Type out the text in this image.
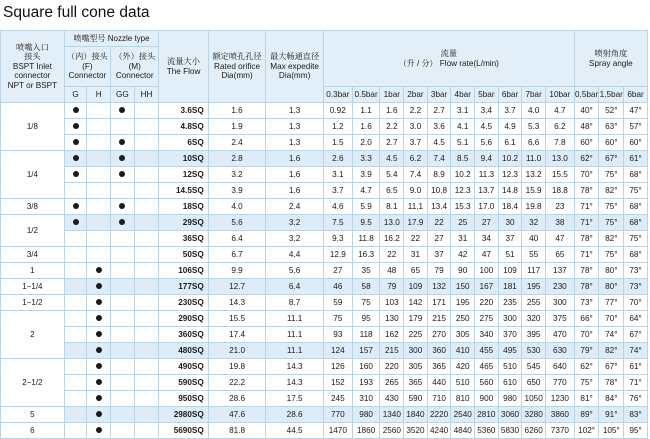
Square full cone data
喷嘴入口
接头
BSPT Inlet
connector
NPT or BSPT	喷嘴型号 Nozzle type				流量大小
The Flow	额定喷孔孔径
Rated orifice
Dia(mm)	最大畅通直径
Max expedite
Dia(mm)	流量
（升 / 分） Flow rate(L/min)										喷射角度
Spray angle		
	（内）接头
(F)
Connector		（外）接头
(M)
Connector																	
	G	H	GG	HH				0.3bar	0.5bar	1bar	2bar	3bar	4bar	5bar	6bar	7bar	10bar	0.5bar	1.5bar	6bar
1/8					3.6SQ	1.6	1.3	0.92	1.1	1.6	2.2	2.7	3.1	3.4	3.7	4.0	4.7	40°	52°	47°
					4.8SQ	1.9	1.3	1.2	1.6	2.2	3.0	3.6	4.1	4.5	4.9	5.3	6.2	48°	63°	57°
					6SQ	2.4	1.3	1.5	2.0	2.7	3.7	4.5	5.1	5.6	6.1	6.6	7.8	60°	60°	60°
1/4					10SQ	2.8	1.6	2.6	3.3	4.5	6.2	7.4	8.5	9.4	10.2	11.0	13.0	62°	67°	61°
					12SQ	3.2	1.6	3.1	3.9	5.4	7.4	8.9	10.2	11.3	12.3	13.2	15.5	70°	75°	68°
					14.5SQ	3.9	1.6	3.7	4.7	6.5	9.0	10.8	12.3	13.7	14.8	15.9	18.8	78°	82°	75°
3/8					18SQ	4.0	2.4	4.6	5.9	8.1	11.1	13.4	15.3	17.0	18.4	19.8	23	71°	75°	68°
1/2					29SQ	5.6	3.2	7.5	9.5	13.0	17.9	22	25	27	30	32	38	71°	75°	68°
					36SQ	6.4	3.2	9.3	11.8	16.2	22	27	31	34	37	40	47	78°	82°	75°
3/4					50SQ	6.7	4.4	12.9	16.3	22	31	37	42	47	51	55	65	71°	75°	68°
1					106SQ	9.9	5.6	27	35	48	65	79	90	100	109	117	137	78°	80°	73°
1−1/4					177SQ	12.7	6.4	46	58	79	109	132	150	167	181	195	230	78°	80°	73°
1−1/2					230SQ	14.3	8.7	59	75	103	142	171	195	220	235	255	300	73°	77°	70°
2					290SQ	15.5	11.1	75	95	130	179	215	250	275	300	320	375	66°	70°	64°
					360SQ	17.4	11.1	93	118	162	225	270	305	340	370	395	470	70°	74°	67°
					480SQ	21.0	11.1	124	157	215	300	360	410	455	495	530	630	79°	82°	74°
2−1/2					490SQ	19.8	14.3	126	160	220	305	365	420	465	510	545	640	62°	67°	61°
					590SQ	22.2	14.3	152	193	265	365	440	510	560	610	650	770	75°	78°	71°
					950SQ	28.6	17.5	245	310	430	590	710	810	900	980	1050	1230	81°	84°	76°
5					2980SQ	47.6	28.6	770	980	1340	1840	2220	2540	2810	3060	3280	3860	89°	91°	83°
6					5690SQ	81.8	44.5	1470	1860	2560	3520	4240	4840	5360	5830	6260	7370	102°	105°	95°
